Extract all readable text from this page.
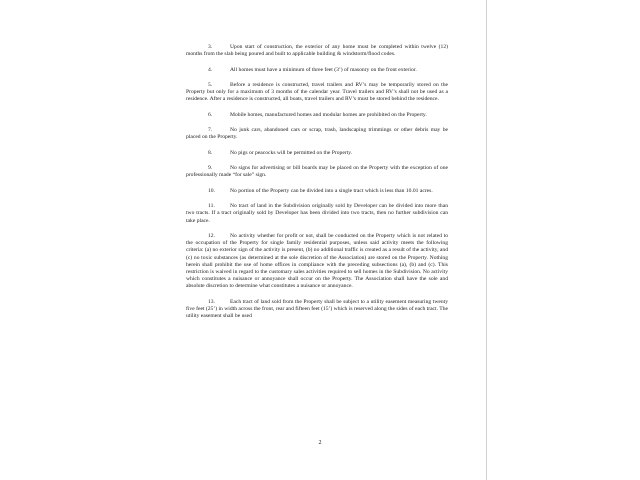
3.	Upon start of construction, the exterior of any home must be completed within twelve (12) months from the slab being poured and built to applicable building & windstorm/flood codes.

4.	All homes must have a minimum of three feet (3’) of masonry on the front exterior.

5.	Before a residence is constructed, travel trailers and RV’s may be temporarily stored on the Property but only for a maximum of 3 months of the calendar year. Travel trailers and RV’s shall not be used as a residence. After a residence is constructed, all boats, travel trailers and RV’s must be stored behind the residence.

6.	Mobile homes, manufactured homes and modular homes are prohibited on the Property.

7.	No junk cars, abandoned cars or scrap, trash, landscaping trimmings or other debris may be placed on the Property.

8.	No pigs or peacocks will be permitted on the Property.

9.	No signs for advertising or bill boards may be placed on the Property with the exception of one professionally made “for sale” sign.

10.	No portion of the Property can be divided into a single tract which is less than 10.01 acres.

11.	No tract of land in the Subdivision originally sold by Developer can be divided into more than two tracts. If a tract originally sold by Developer has been divided into two tracts, then no further subdivision can take place.

12.	No activity whether for profit or not, shall be conducted on the Property which is not related to the occupation of the Property for single family residential purposes, unless said activity meets the following criteria: (a) no exterior sign of the activity is present, (b) no additional traffic is created as a result of the activity, and (c) no toxic substances (as determined at the sole discretion of the Association) are stored on the Property. Nothing herein shall prohibit the use of home offices in compliance with the preceding subsections (a), (b) and (c). This restriction is waived in regard to the customary sales activities required to sell homes in the Subdivision. No activity which constitutes a nuisance or annoyance shall occur on the Property. The Association shall have the sole and absolute discretion to determine what constitutes a nuisance or annoyance.

13.	Each tract of land sold from the Property shall be subject to a utility easement measuring twenty five feet (25’) in width across the front, rear and fifteen feet (15’) which is reserved along the sides of each tract. The utility easement shall be used

2
